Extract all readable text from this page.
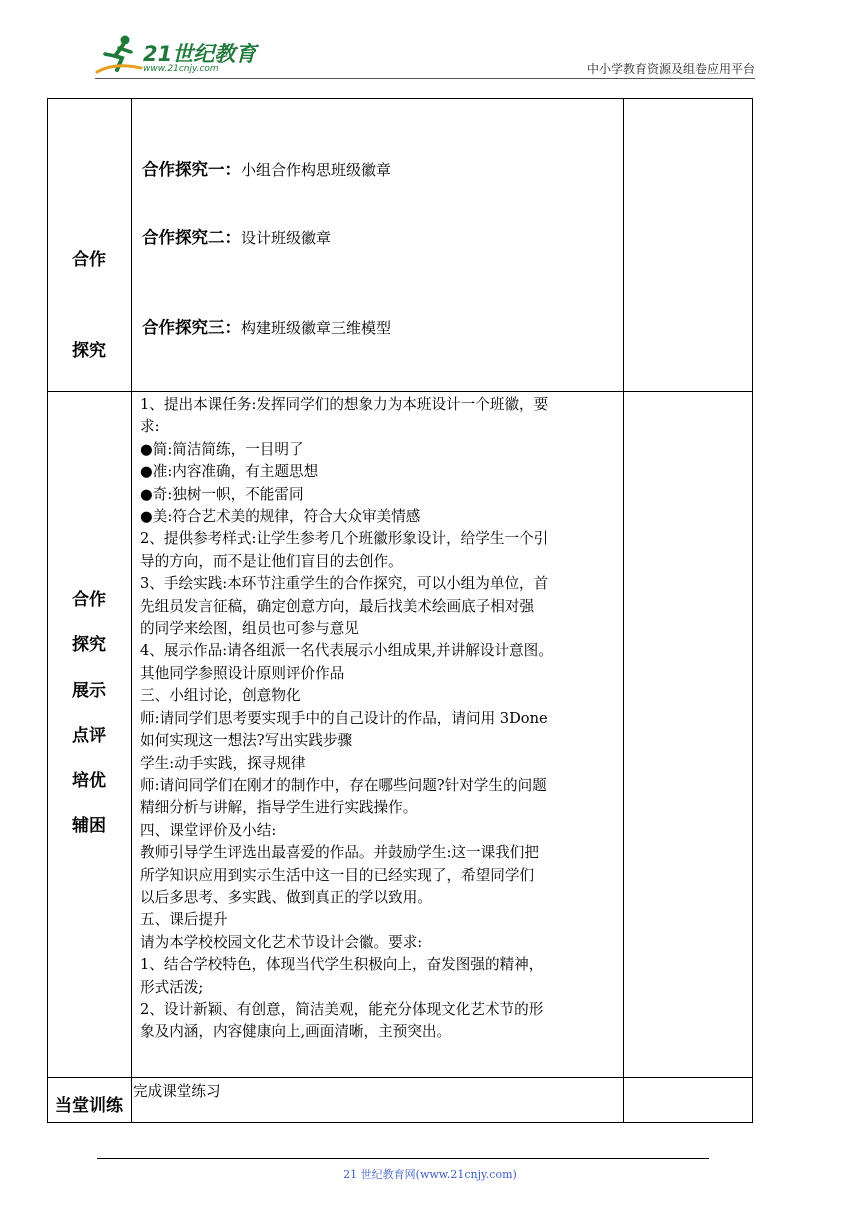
21世纪教育
www.21cnjy.com	中小学教育资源及组卷应用平台
合作
探究
合作探究一：小组合作构思班级徽章
合作探究二：设计班级徽章
合作探究三：构建班级徽章三维模型
合作
探究
展示
点评
培优
辅困
1、提出本课任务:发挥同学们的想象力为本班设计一个班徽，要
求:
●简:简洁简练，一目明了
●准:内容准确，有主题思想
●奇:独树一帜，不能雷同
●美:符合艺术美的规律，符合大众审美情感
2、提供参考样式:让学生参考几个班徽形象设计，给学生一个引
导的方向，而不是让他们盲目的去创作。
3、手绘实践:本环节注重学生的合作探究，可以小组为单位，首
先组员发言征稿，确定创意方向，最后找美术绘画底子相对强
的同学来绘图，组员也可参与意见
4、展示作品:请各组派一名代表展示小组成果,并讲解设计意图。
其他同学参照设计原则评价作品
三、小组讨论，创意物化
师:请同学们思考要实现手中的自己设计的作品，请问用 3Done
如何实现这一想法?写出实践步骤
学生:动手实践，探寻规律
师:请问同学们在刚才的制作中，存在哪些问题?针对学生的问题
精细分析与讲解，指导学生进行实践操作。
四、课堂评价及小结:
教师引导学生评选出最喜爱的作品。并鼓励学生:这一课我们把
所学知识应用到实示生活中这一目的已经实现了，希望同学们
以后多思考、多实践、做到真正的学以致用。
五、课后提升
请为本学校校园文化艺术节设计会徽。要求:
1、结合学校特色，体现当代学生积极向上，奋发图强的精神，
形式活泼;
2、设计新颖、有创意，简洁美观，能充分体现文化艺术节的形
象及内涵，内容健康向上,画面清晰，主预突出。
当堂训练
完成课堂练习
21 世纪教育网(www.21cnjy.com)
